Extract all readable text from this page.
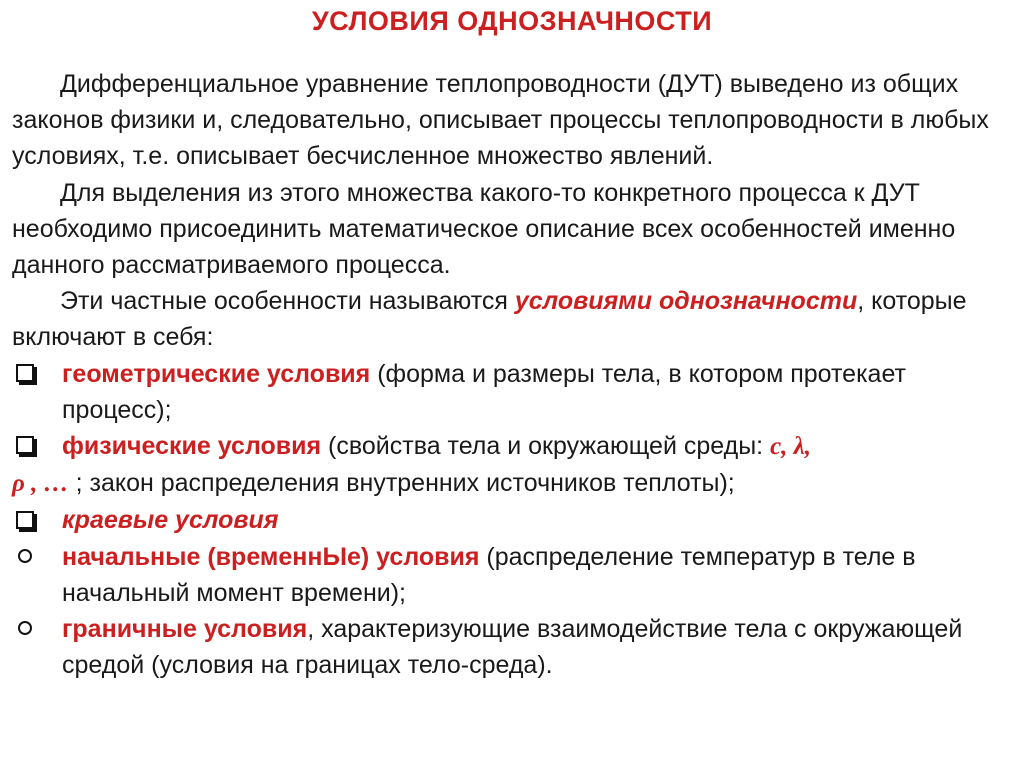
УСЛОВИЯ ОДНОЗНАЧНОСТИ

Дифференциальное уравнение теплопроводности (ДУТ) выведено из общих законов физики и, следовательно, описывает процессы теплопроводности в любых условиях, т.е. описывает бесчисленное множество явлений.

Для выделения из этого множества какого-то конкретного процесса к ДУТ необходимо присоединить математическое описание всех особенностей именно данного рассматриваемого процесса.

Эти частные особенности называются условиями однозначности, которые включают в себя:

геометрические условия (форма и размеры тела, в котором протекает процесс);

физические условия (свойства тела и окружающей среды: c, λ,

ρ , … ; закон распределения внутренних источников теплоты);

краевые условия

начальные (временнЫе) условия (распределение температур в теле в начальный момент времени);

граничные условия, характеризующие взаимодействие тела с окружающей средой (условия на границах тело-среда).
